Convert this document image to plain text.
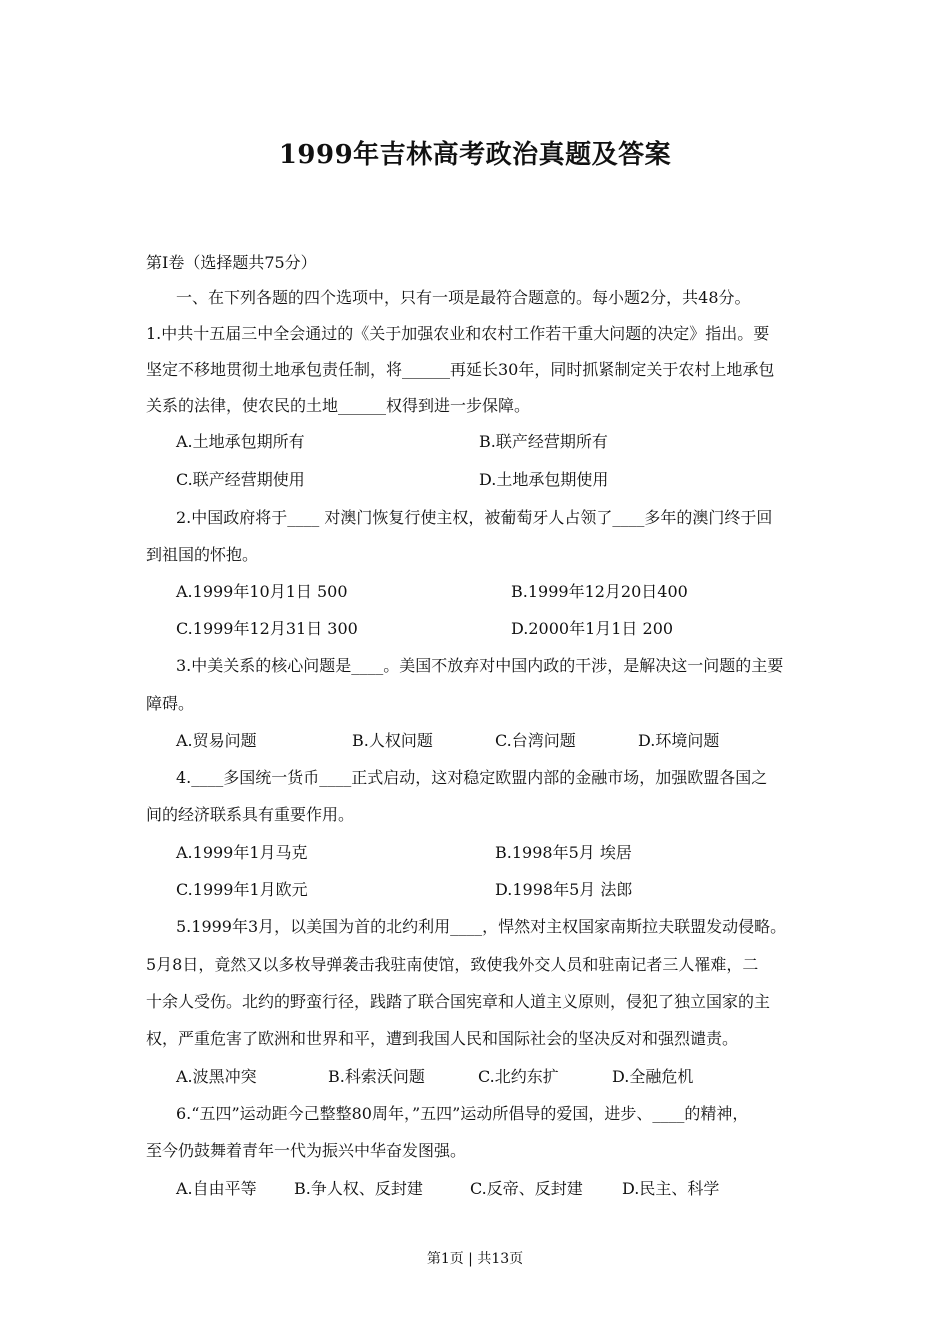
1999年吉林高考政治真题及答案
第Ⅰ卷（选择题共75分）
一、在下列各题的四个选项中，只有一项是最符合题意的。每小题2分，共48分。
1.中共十五届三中全会通过的《关于加强农业和农村工作若干重大问题的决定》指出。要
坚定不移地贯彻土地承包责任制，将______再延长30年，同时抓紧制定关于农村上地承包
关系的法律，使农民的土地______权得到进一步保障。
A.土地承包期所有	B.联产经营期所有
C.联产经营期使用	D.土地承包期使用
2.中国政府将于____ 对澳门恢复行使主权，被葡萄牙人占领了____多年的澳门终于回
到祖国的怀抱。
A.1999年10月1日 500	B.1999年12月20日400
C.1999年12月31日 300	D.2000年1月1日 200
3.中美关系的核心问题是____。美国不放弃对中国内政的干涉，是解决这一问题的主要
障碍。
A.贸易问题	B.人权问题	C.台湾问题	D.环境问题
4.____多国统一货币____正式启动，这对稳定欧盟内部的金融市场，加强欧盟各国之
间的经济联系具有重要作用。
A.1999年1月马克	B.1998年5月 埃居
C.1999年1月欧元	D.1998年5月 法郎
5.1999年3月，以美国为首的北约利用____，悍然对主权国家南斯拉夫联盟发动侵略。
5月8日，竟然又以多枚导弹袭击我驻南使馆，致使我外交人员和驻南记者三人罹难，二
十余人受伤。北约的野蛮行径，践踏了联合国宪章和人道主义原则，侵犯了独立国家的主
权，严重危害了欧洲和世界和平，遭到我国人民和国际社会的坚决反对和强烈谴责。
A.波黑冲突	B.科索沃问题	C.北约东扩	D.全融危机
6.“五四”运动距今己整整80周年，”五四”运动所倡导的爱国，进步、____的精神，
至今仍鼓舞着青年一代为振兴中华奋发图强。
A.自由平等 B.争人权、反封建	C.反帝、反封建 D.民主、科学
第1页 | 共13页
